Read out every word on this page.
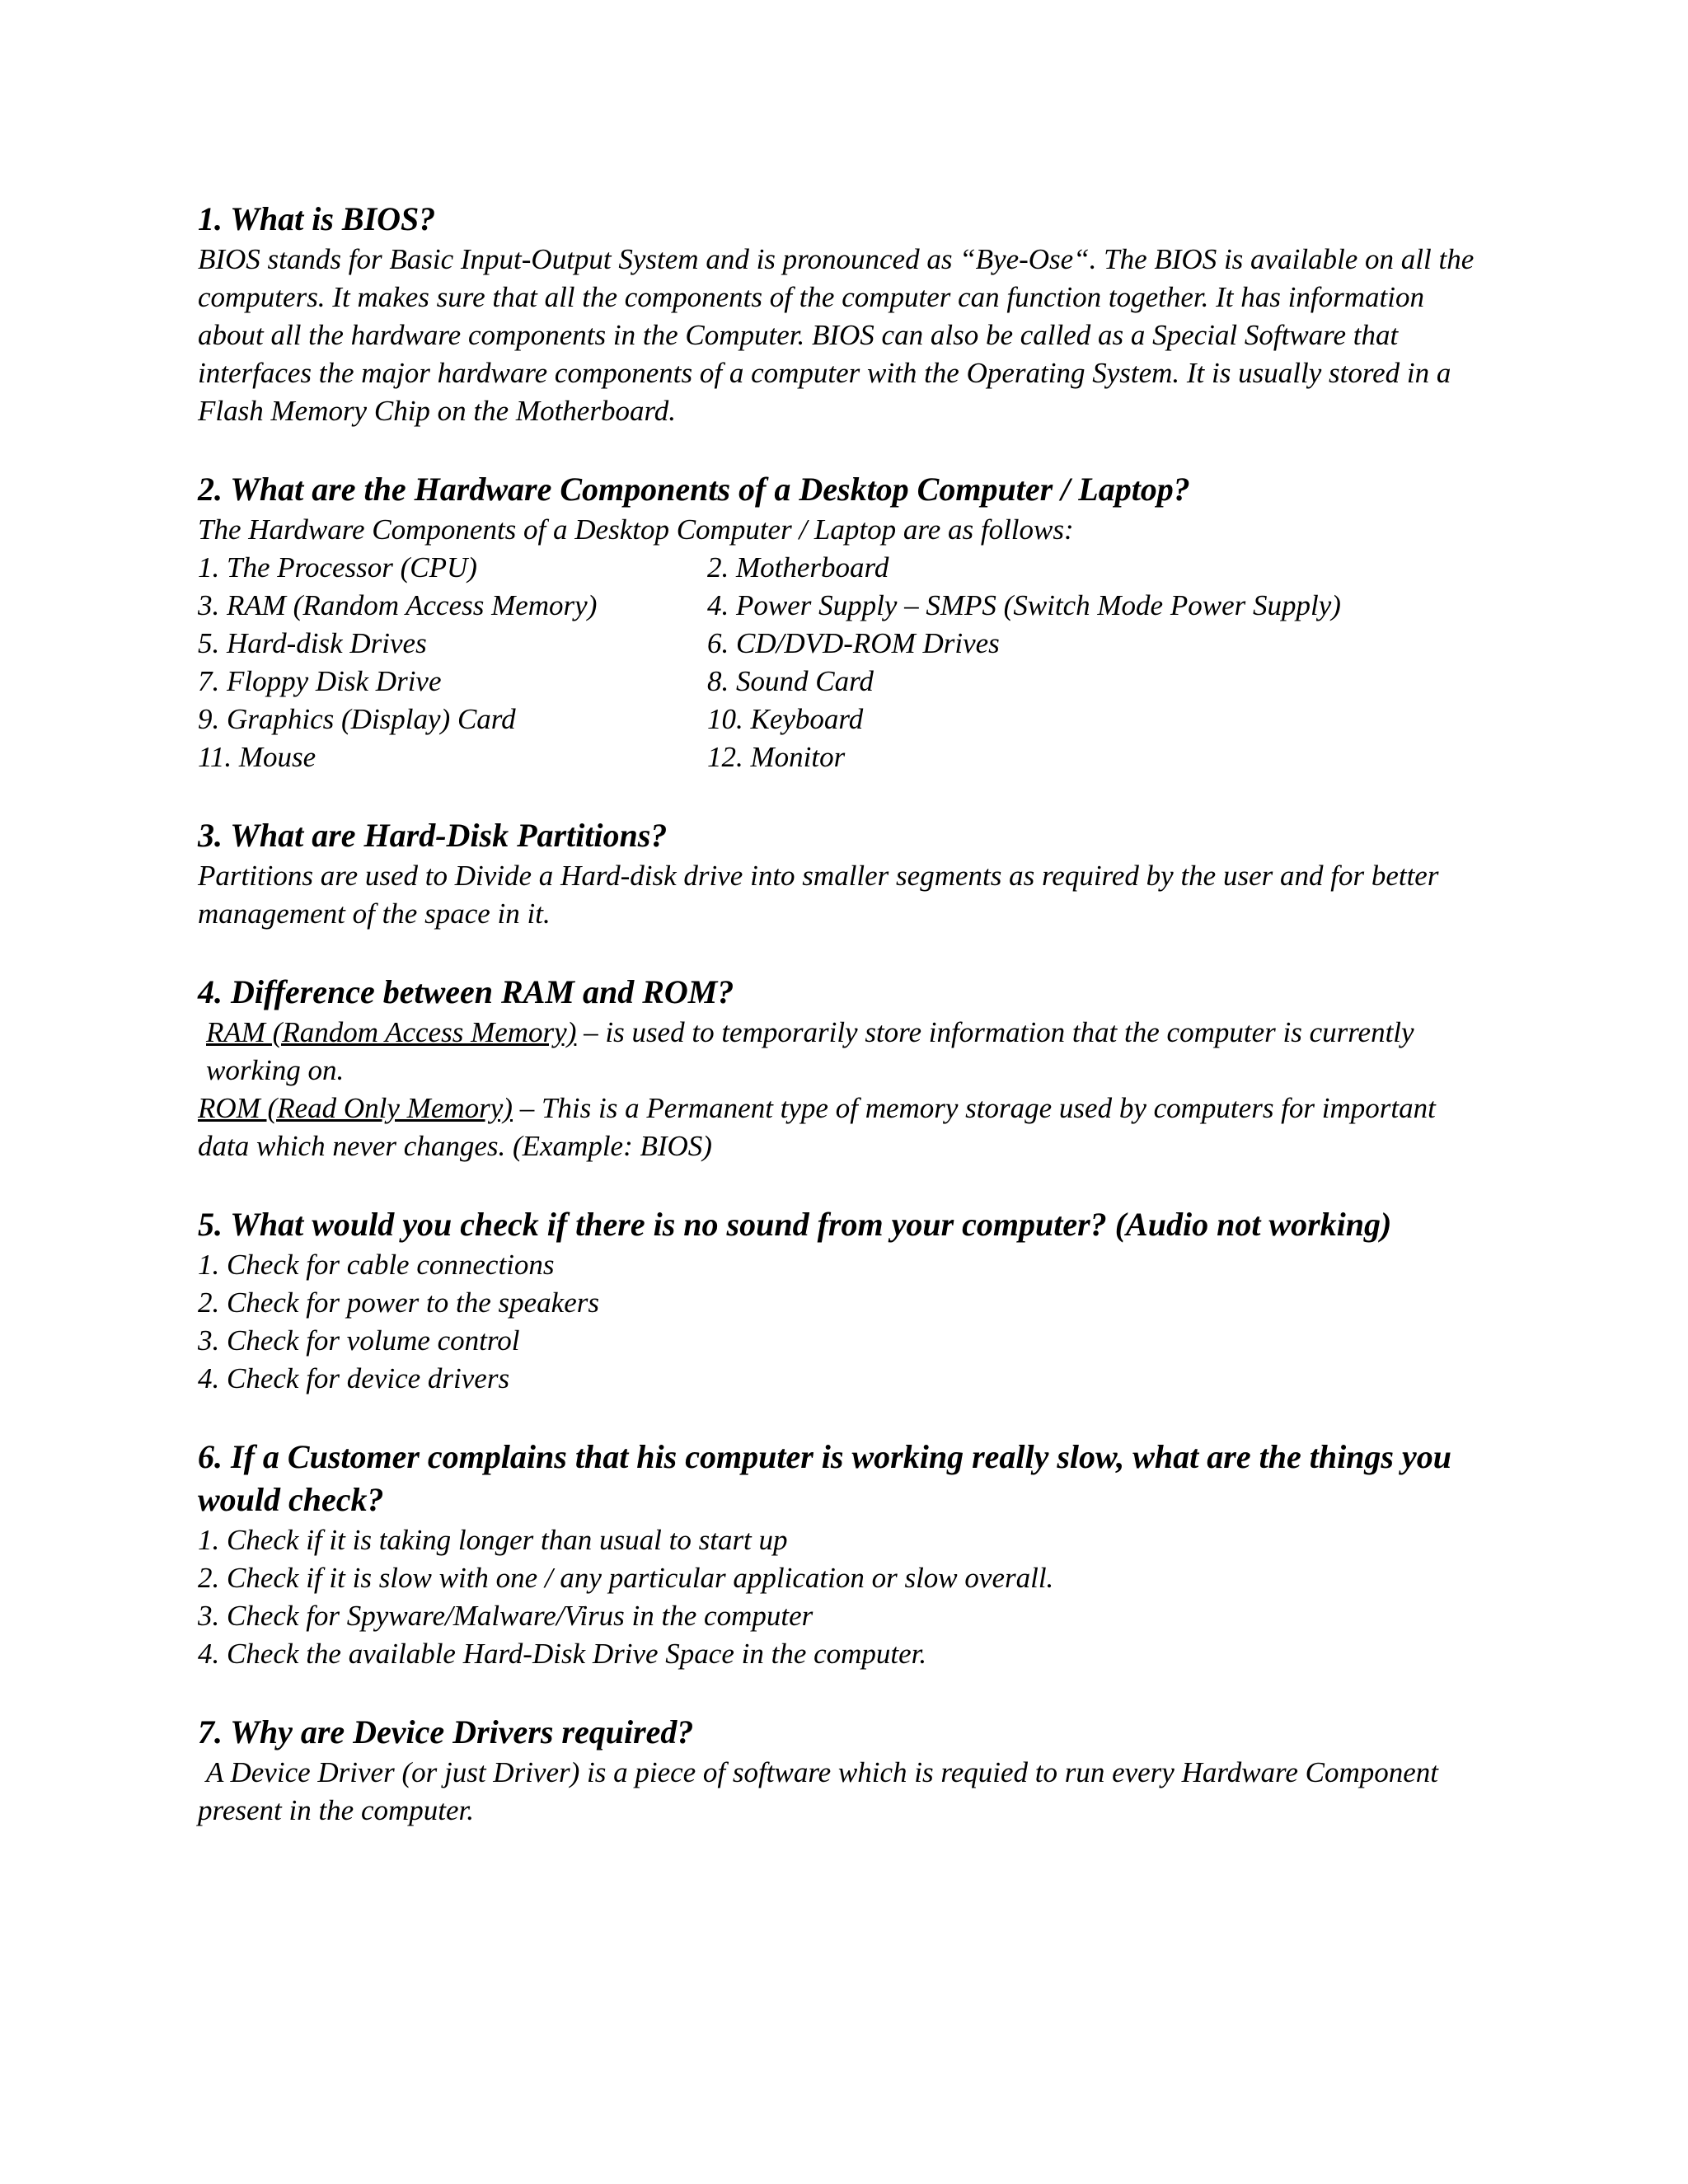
1. What is BIOS?

BIOS stands for Basic Input-Output System and is pronounced as “Bye-Ose“. The BIOS is available on all the computers. It makes sure that all the components of the computer can function together. It has information about all the hardware components in the Computer. BIOS can also be called as a Special Software that interfaces the major hardware components of a computer with the Operating System. It is usually stored in a Flash Memory Chip on the Motherboard.

2. What are the Hardware Components of a Desktop Computer / Laptop?

The Hardware Components of a Desktop Computer / Laptop are as follows:

1. The Processor (CPU)	2. Motherboard
3. RAM (Random Access Memory)	4. Power Supply – SMPS (Switch Mode Power Supply)
5. Hard-disk Drives	6. CD/DVD-ROM Drives
7. Floppy Disk Drive	8. Sound Card
9. Graphics (Display) Card	10. Keyboard
11. Mouse	12. Monitor
3. What are Hard-Disk Partitions?

Partitions are used to Divide a Hard-disk drive into smaller segments as required by the user and for better management of the space in it.

4. Difference between RAM and ROM?

RAM (Random Access Memory) – is used to temporarily store information that the computer is currently working on.

ROM (Read Only Memory) – This is a Permanent type of memory storage used by computers for important data which never changes. (Example: BIOS)

5. What would you check if there is no sound from your computer? (Audio not working)

1. Check for cable connections

2. Check for power to the speakers

3. Check for volume control

4. Check for device drivers

6. If a Customer complains that his computer is working really slow, what are the things you would check?

1. Check if it is taking longer than usual to start up

2. Check if it is slow with one / any particular application or slow overall.

3. Check for Spyware/Malware/Virus in the computer

4. Check the available Hard-Disk Drive Space in the computer.

7. Why are Device Drivers required?

A Device Driver (or just Driver) is a piece of software which is requied to run every Hardware Component present in the computer.
